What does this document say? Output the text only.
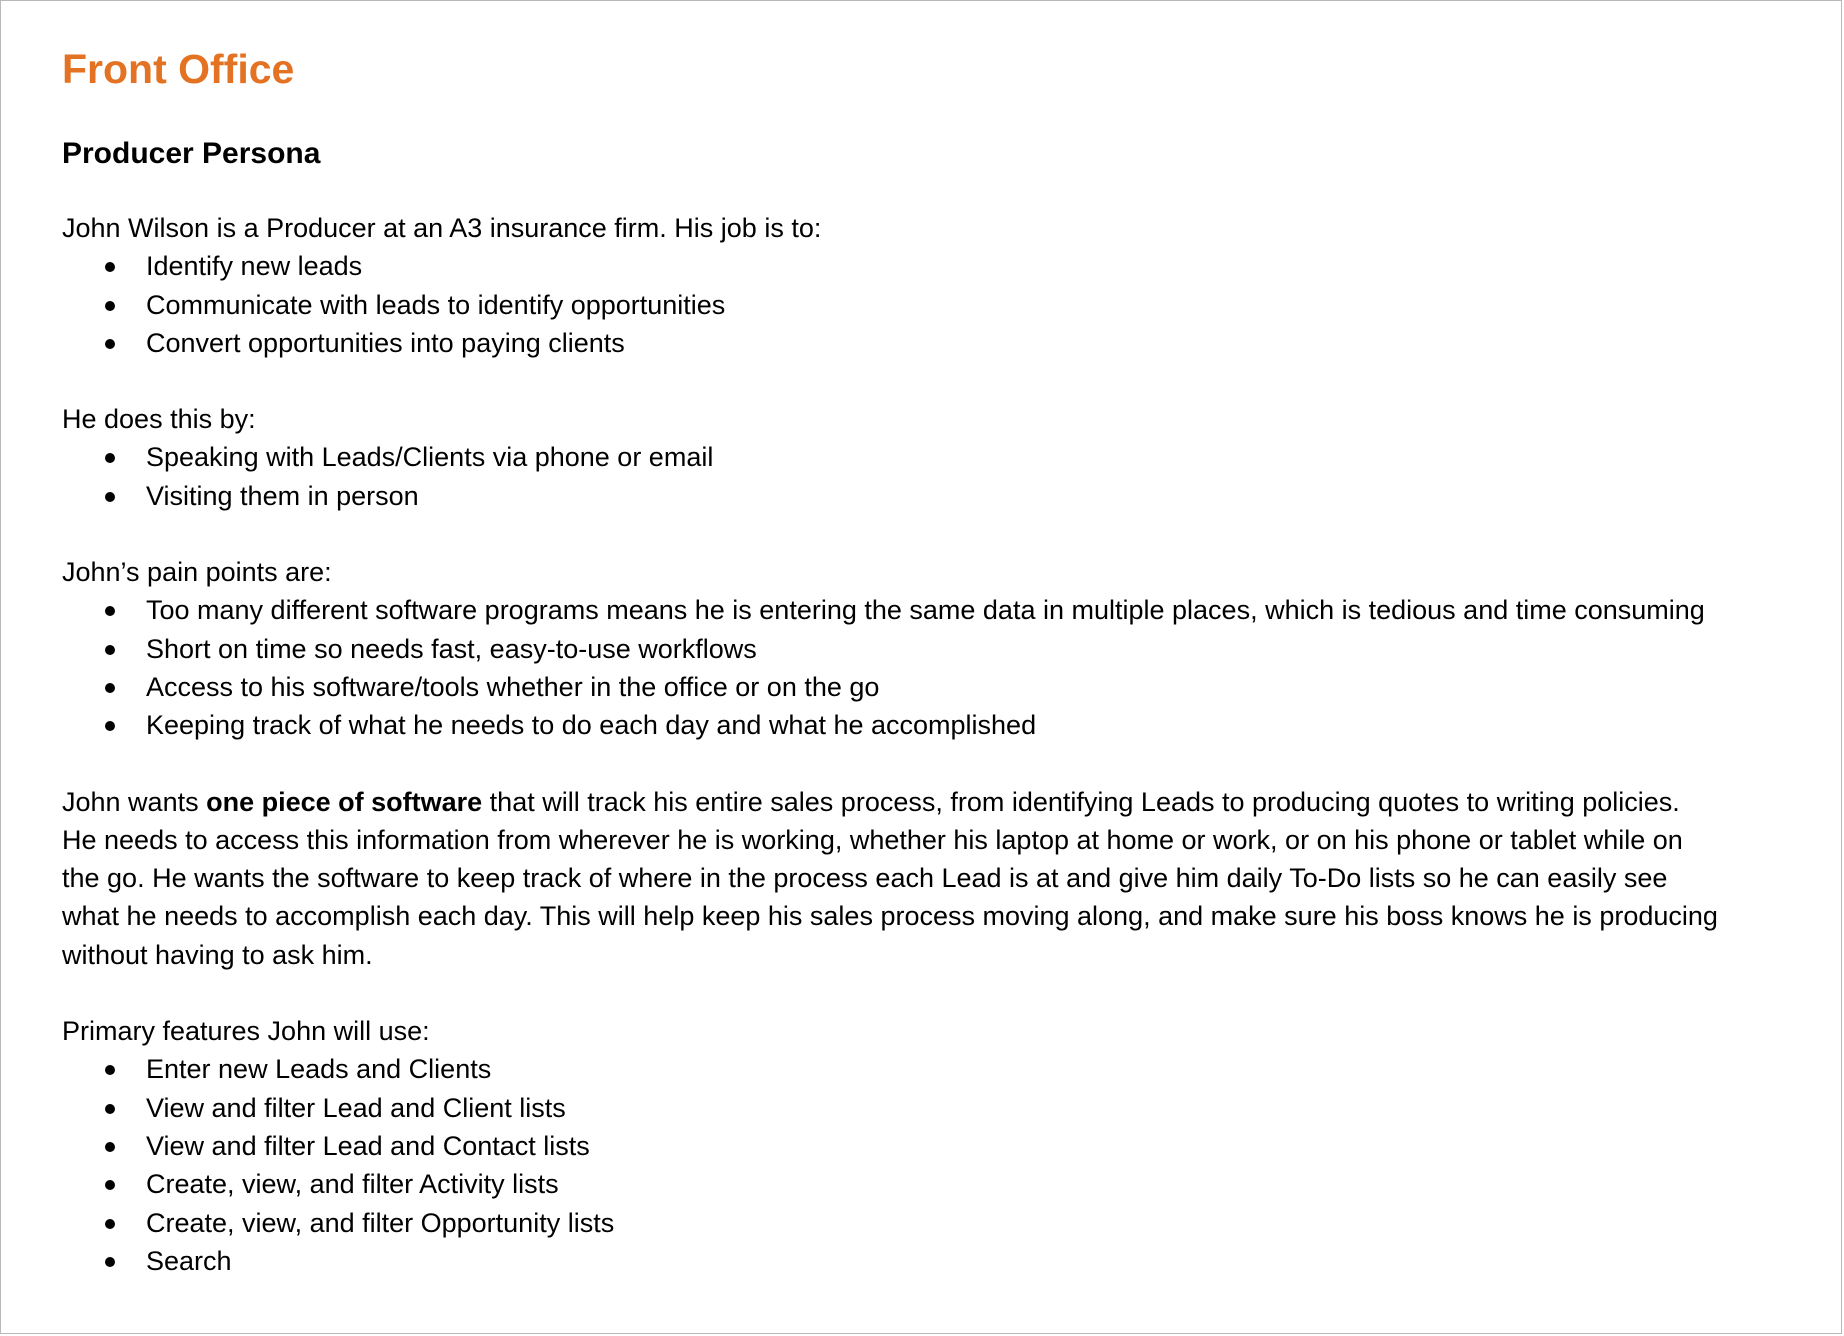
Front Office
Producer Persona

John Wilson is a Producer at an A3 insurance firm. His job is to:

Identify new leads
Communicate with leads to identify opportunities
Convert opportunities into paying clients

He does this by:

Speaking with Leads/Clients via phone or email
Visiting them in person

John’s pain points are:

Too many different software programs means he is entering the same data in multiple places, which is tedious and time consuming
Short on time so needs fast, easy-to-use workflows
Access to his software/tools whether in the office or on the go
Keeping track of what he needs to do each day and what he accomplished
John wants one piece of software that will track his entire sales process, from identifying Leads to producing quotes to writing policies.
He needs to access this information from wherever he is working, whether his laptop at home or work, or on his phone or tablet while on
the go. He wants the software to keep track of where in the process each Lead is at and give him daily To-Do lists so he can easily see
what he needs to accomplish each day. This will help keep his sales process moving along, and make sure his boss knows he is producing
without having to ask him.

Primary features John will use:

Enter new Leads and Clients
View and filter Lead and Client lists
View and filter Lead and Contact lists
Create, view, and filter Activity lists
Create, view, and filter Opportunity lists
Search
